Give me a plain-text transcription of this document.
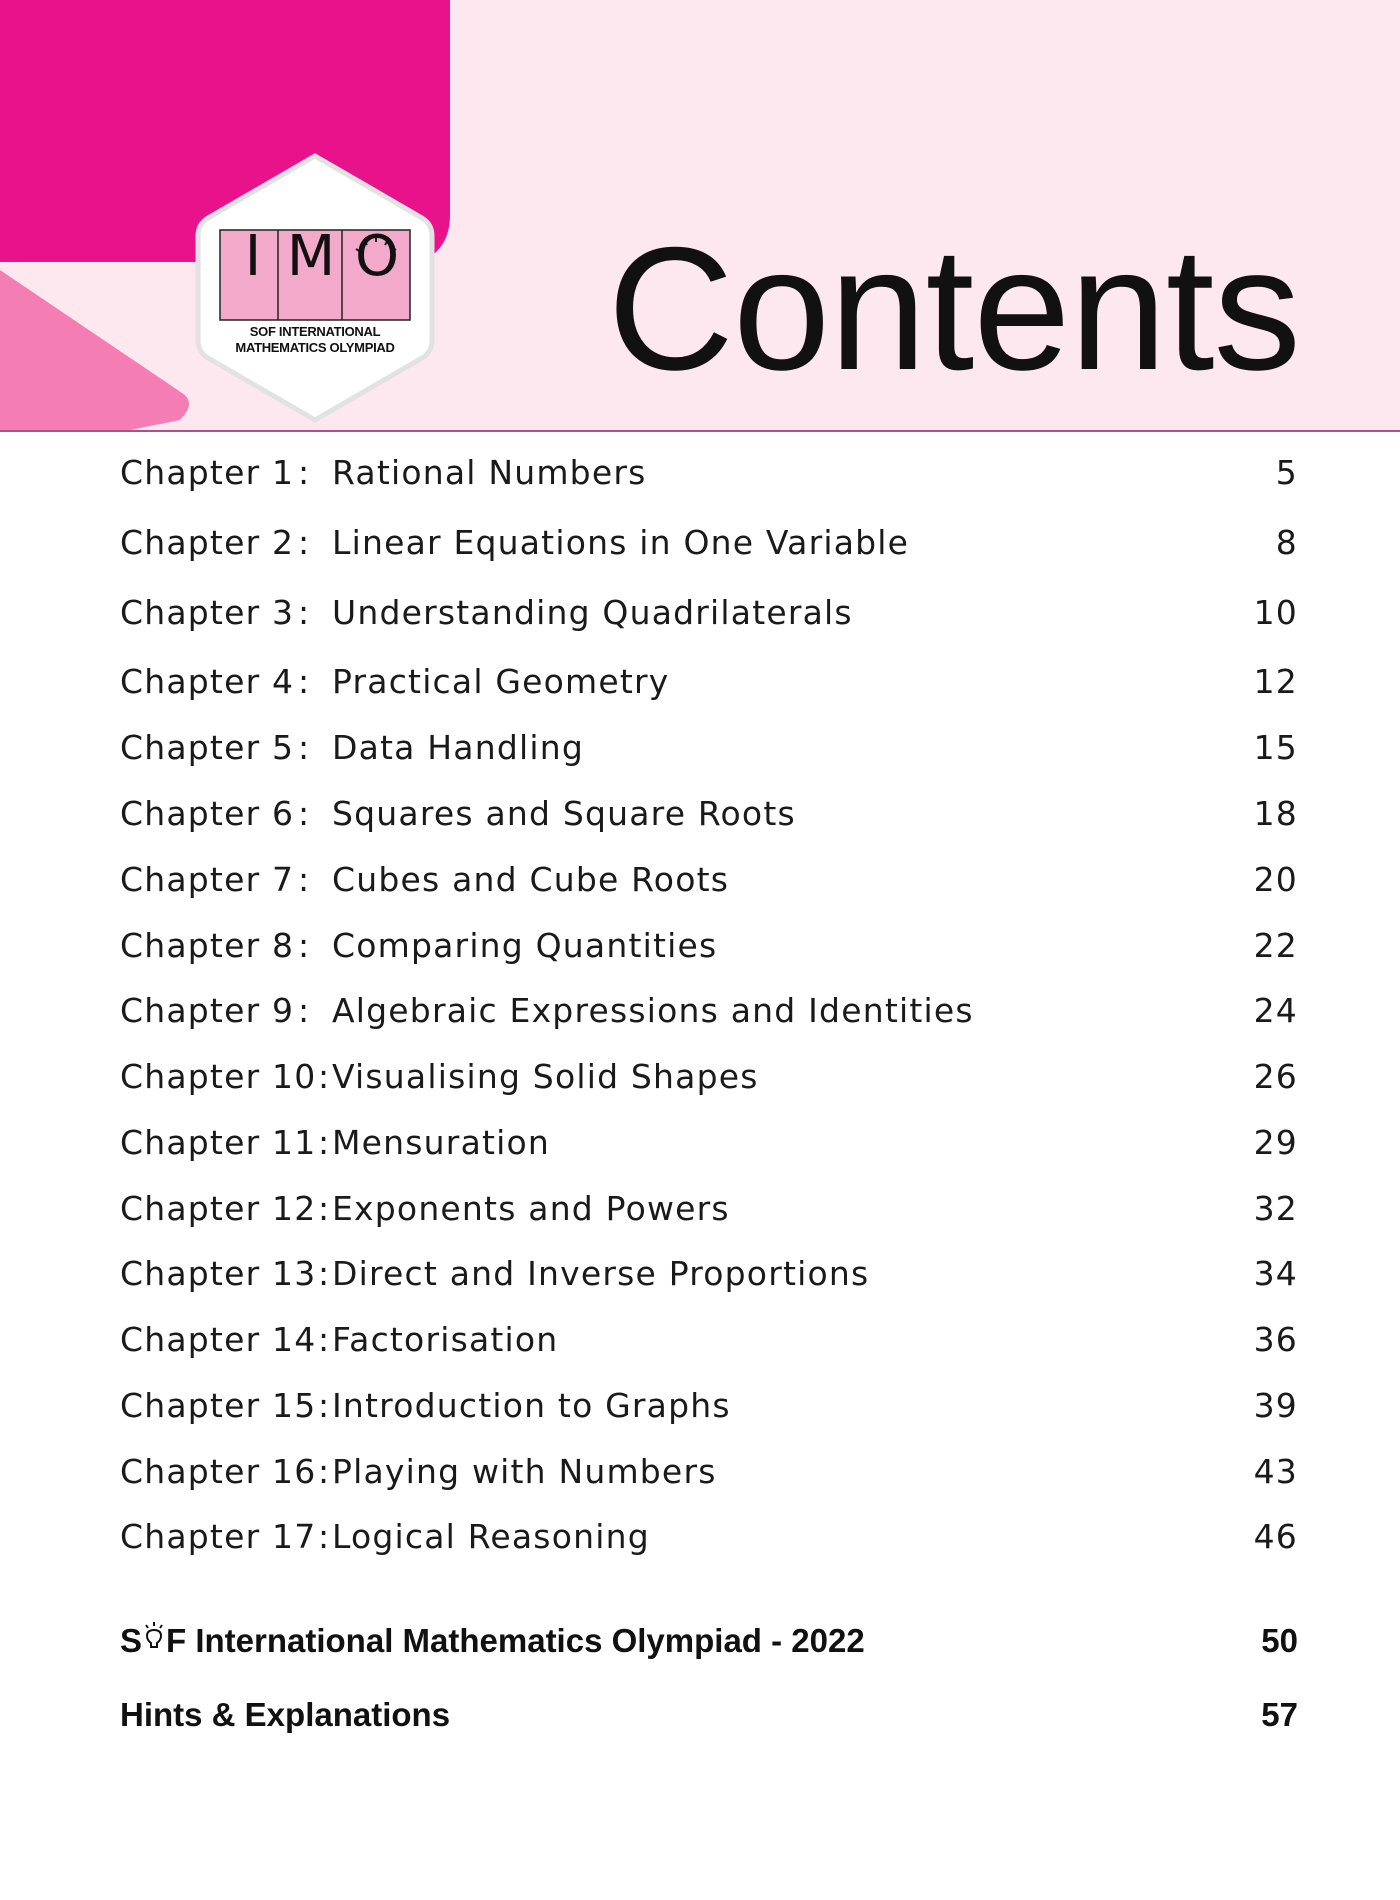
I M O
SOF INTERNATIONAL
MATHEMATICS OLYMPIAD Contents
Chapter 1 : Rational Numbers	5
Chapter 2 : Linear Equations in One Variable	8
Chapter 3 : Understanding Quadrilaterals	10
Chapter 4 : Practical Geometry	12
Chapter 5 : Data Handling	15
Chapter 6 : Squares and Square Roots	18
Chapter 7 : Cubes and Cube Roots	20
Chapter 8 : Comparing Quantities	22
Chapter 9 : Algebraic Expressions and Identities	24
Chapter 10 : Visualising Solid Shapes	26
Chapter 11 : Mensuration	29
Chapter 12 : Exponents and Powers	32
Chapter 13 : Direct and Inverse Proportions	34
Chapter 14 : Factorisation	36
Chapter 15 : Introduction to Graphs	39
Chapter 16 : Playing with Numbers	43
Chapter 17 : Logical Reasoning	46
S F International Mathematics Olympiad - 2022	50
Hints & Explanations	57
